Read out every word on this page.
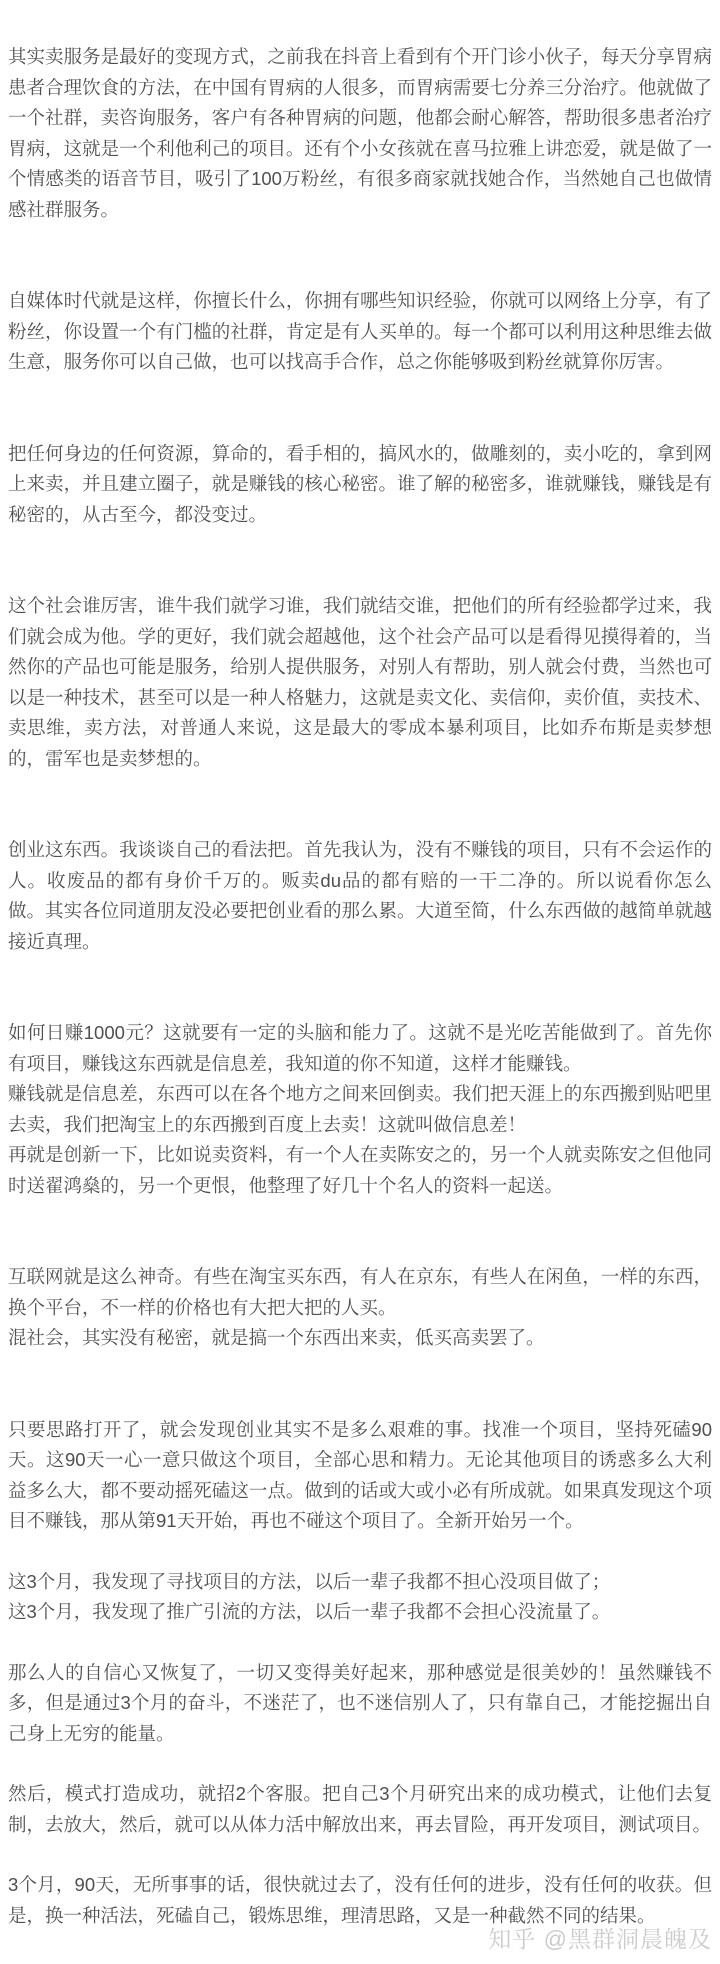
其实卖服务是最好的变现方式，之前我在抖音上看到有个开门诊小伙子，每天分享胃病患者合理饮食的方法，在中国有胃病的人很多，而胃病需要七分养三分治疗。他就做了一个社群，卖咨询服务，客户有各种胃病的问题，他都会耐心解答，帮助很多患者治疗胃病，这就是一个利他利己的项目。还有个小女孩就在喜马拉雅上讲恋爱，就是做了一个情感类的语音节目，吸引了100万粉丝，有很多商家就找她合作，当然她自己也做情感社群服务。

自媒体时代就是这样，你擅长什么，你拥有哪些知识经验，你就可以网络上分享，有了粉丝，你设置一个有门槛的社群，肯定是有人买单的。每一个都可以利用这种思维去做生意，服务你可以自己做，也可以找高手合作，总之你能够吸到粉丝就算你厉害。

把任何身边的任何资源，算命的，看手相的，搞风水的，做雕刻的，卖小吃的，拿到网上来卖，并且建立圈子，就是赚钱的核心秘密。谁了解的秘密多，谁就赚钱，赚钱是有秘密的，从古至今，都没变过。

这个社会谁厉害，谁牛我们就学习谁，我们就结交谁，把他们的所有经验都学过来，我们就会成为他。学的更好，我们就会超越他，这个社会产品可以是看得见摸得着的，当然你的产品也可能是服务，给别人提供服务，对别人有帮助，别人就会付费，当然也可以是一种技术，甚至可以是一种人格魅力，这就是卖文化、卖信仰，卖价值，卖技术、卖思维，卖方法，对普通人来说，这是最大的零成本暴利项目，比如乔布斯是卖梦想的，雷军也是卖梦想的。

创业这东西。我谈谈自己的看法把。首先我认为，没有不赚钱的项目，只有不会运作的人。收废品的都有身价千万的。贩卖du品的都有赔的一干二净的。所以说看你怎么做。其实各位同道朋友没必要把创业看的那么累。大道至简，什么东西做的越简单就越接近真理。

如何日赚1000元？这就要有一定的头脑和能力了。这就不是光吃苦能做到了。首先你有项目，赚钱这东西就是信息差，我知道的你不知道，这样才能赚钱。
赚钱就是信息差，东西可以在各个地方之间来回倒卖。我们把天涯上的东西搬到贴吧里去卖，我们把淘宝上的东西搬到百度上去卖！这就叫做信息差！
再就是创新一下，比如说卖资料，有一个人在卖陈安之的，另一个人就卖陈安之但他同时送翟鸿燊的，另一个更恨，他整理了好几十个名人的资料一起送。

互联网就是这么神奇。有些在淘宝买东西，有人在京东，有些人在闲鱼，一样的东西，换个平台，不一样的价格也有大把大把的人买。
混社会，其实没有秘密，就是搞一个东西出来卖，低买高卖罢了。

只要思路打开了，就会发现创业其实不是多么艰难的事。找准一个项目，坚持死磕90天。这90天一心一意只做这个项目，全部心思和精力。无论其他项目的诱惑多么大利益多么大，都不要动摇死磕这一点。做到的话或大或小必有所成就。如果真发现这个项目不赚钱，那从第91天开始，再也不碰这个项目了。全新开始另一个。

这3个月，我发现了寻找项目的方法，以后一辈子我都不担心没项目做了；
这3个月，我发现了推广引流的方法，以后一辈子我都不会担心没流量了。

那么人的自信心又恢复了，一切又变得美好起来，那种感觉是很美妙的！虽然赚钱不多，但是通过3个月的奋斗，不迷茫了，也不迷信别人了，只有靠自己，才能挖掘出自己身上无穷的能量。

然后，模式打造成功，就招2个客服。把自己3个月研究出来的成功模式，让他们去复制，去放大，然后，就可以从体力活中解放出来，再去冒险，再开发项目，测试项目。

3个月，90天，无所事事的话，很快就过去了，没有任何的进步，没有任何的收获。但是，换一种活法，死磕自己，锻炼思维，理清思路，又是一种截然不同的结果。

知乎 @黑群洞晨魄及
